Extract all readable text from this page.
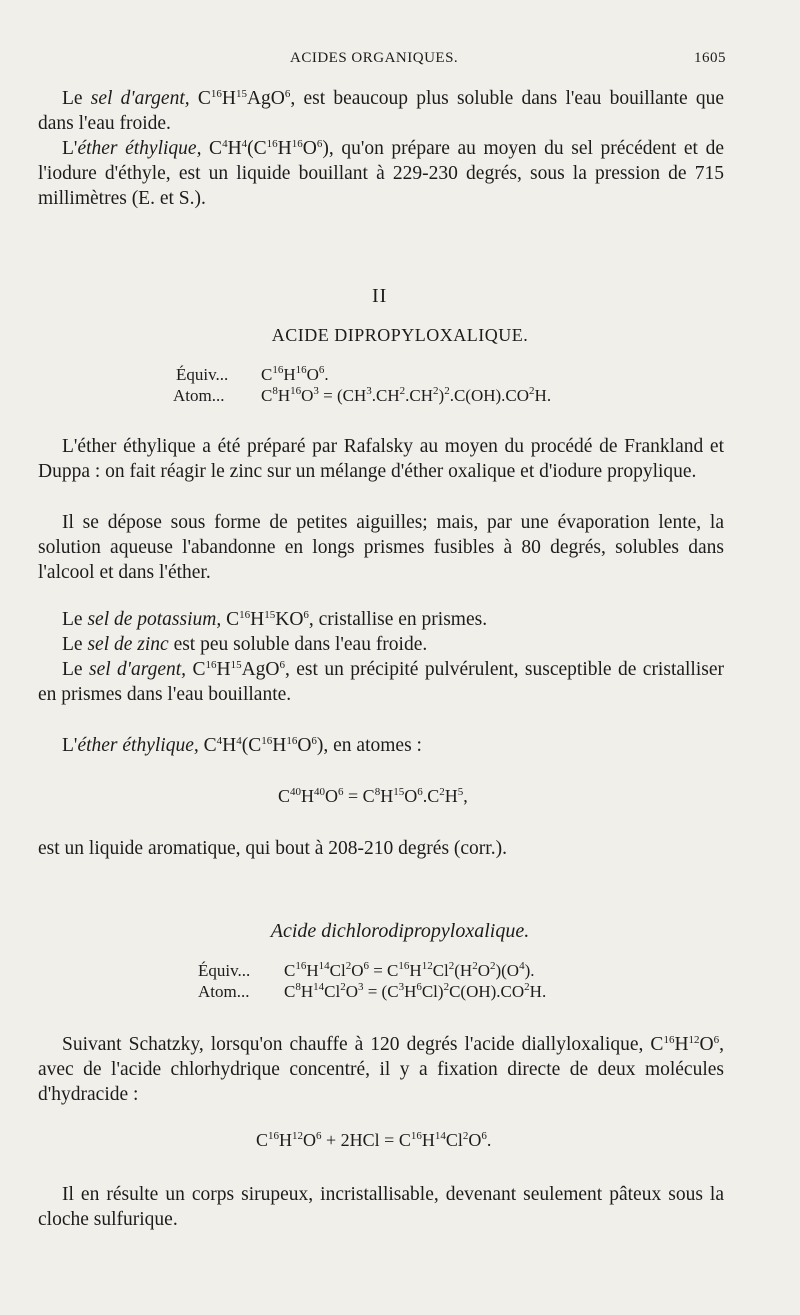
ACIDES ORGANIQUES.	1605

Le sel d'argent, $C^{16}H^{15}AgO^6$, est beaucoup plus soluble dans l'eau bouillante que dans l'eau froide.

L'éther éthylique, $C^4H^4(C^{16}H^{16}O^6)$, qu'on prépare au moyen du sel précédent et de l'iodure d'éthyle, est un liquide bouillant à 229-230 degrés, sous la pression de 715 millimètres (E. et S.).

II
ACIDE DIPROPYLOXALIQUE.
Équiv... $C^{16}H^{16}O^6$.
Atom... $C^8H^{16}O^3 = (CH^3.CH^2.CH^2)^2.C(OH).CO^2H$.

L'éther éthylique a été préparé par Rafalsky au moyen du procédé de Frankland et Duppa : on fait réagir le zinc sur un mélange d'éther oxalique et d'iodure propylique.

Il se dépose sous forme de petites aiguilles; mais, par une évaporation lente, la solution aqueuse l'abandonne en longs prismes fusibles à 80 degrés, solubles dans l'alcool et dans l'éther.

Le sel de potassium, $C^{16}H^{15}KO^6$, cristallise en prismes.

Le sel de zinc est peu soluble dans l'eau froide.

Le sel d'argent, $C^{16}H^{15}AgO^6$, est un précipité pulvérulent, susceptible de cristalliser en prismes dans l'eau bouillante.

L'éther éthylique, $C^4H^4(C^{16}H^{16}O^6)$, en atomes :

$C^{40}H^{40}O^6 = C^8H^{15}O^6.C^2H^5$,

est un liquide aromatique, qui bout à 208-210 degrés (corr.).

Acide dichlorodipropyloxalique.
Équiv... $C^{16}H^{14}Cl^2O^6 = C^{16}H^{12}Cl^2(H^2O^2)(O^4)$.
Atom... $C^8H^{14}Cl^2O^3 = (C^3H^6Cl)^2C(OH).CO^2H$.

Suivant Schatzky, lorsqu'on chauffe à 120 degrés l'acide diallyloxalique, $C^{16}H^{12}O^6$, avec de l'acide chlorhydrique concentré, il y a fixation directe de deux molécules d'hydracide :

$C^{16}H^{12}O^6 + 2HCl = C^{16}H^{14}Cl^2O^6$.

Il en résulte un corps sirupeux, incristallisable, devenant seulement pâteux sous la cloche sulfurique.
